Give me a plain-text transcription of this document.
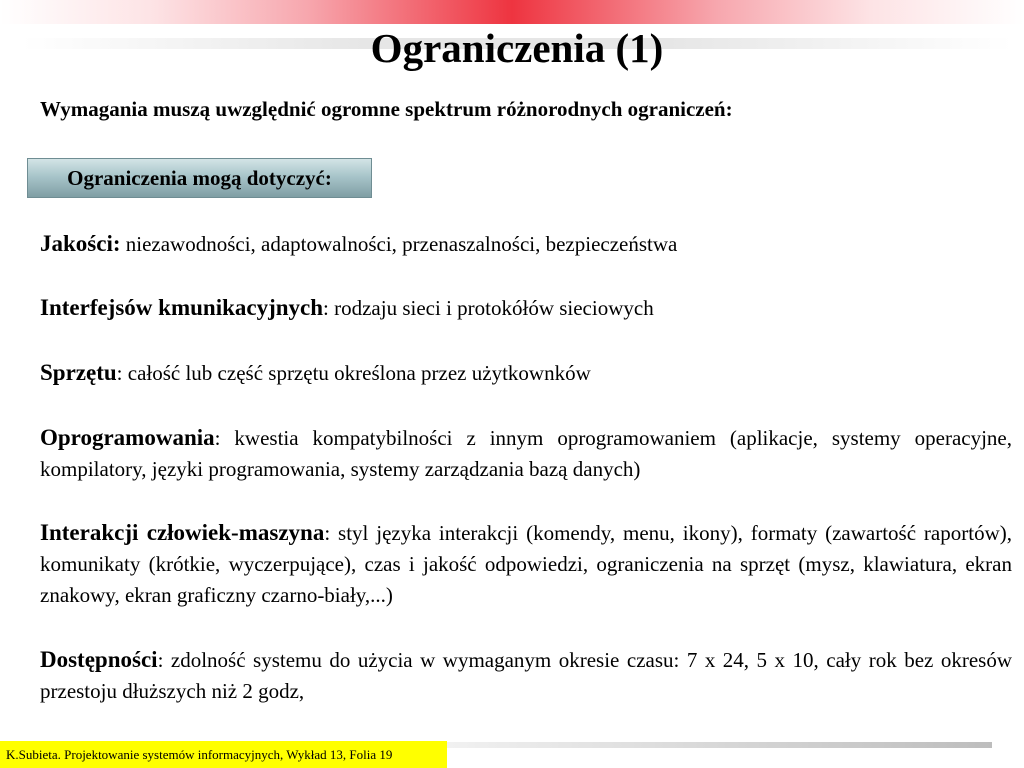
Ograniczenia (1)

Wymagania muszą uwzględnić ogromne spektrum różnorodnych ograniczeń:

Ograniczenia mogą dotyczyć:

Jakości: niezawodności, adaptowalności, przenaszalności, bezpieczeństwa

Interfejsów kmunikacyjnych: rodzaju sieci i protokółów sieciowych

Sprzętu: całość lub część sprzętu określona przez użytkownków

Oprogramowania: kwestia kompatybilności z innym oprogramowaniem (aplikacje, systemy operacyjne, kompilatory, języki programowania, systemy zarządzania bazą danych)

Interakcji człowiek-maszyna: styl języka interakcji (komendy, menu, ikony), formaty (zawartość raportów), komunikaty (krótkie, wyczerpujące), czas i jakość odpowiedzi, ograniczenia na sprzęt (mysz, klawiatura, ekran znakowy, ekran graficzny czarno-biały,...)

Dostępności: zdolność systemu do użycia w wymaganym okresie czasu: 7 x 24, 5 x 10, cały rok bez okresów przestoju dłuższych niż 2 godz,

K.Subieta. Projektowanie systemów informacyjnych, Wykład 13, Folia 19
